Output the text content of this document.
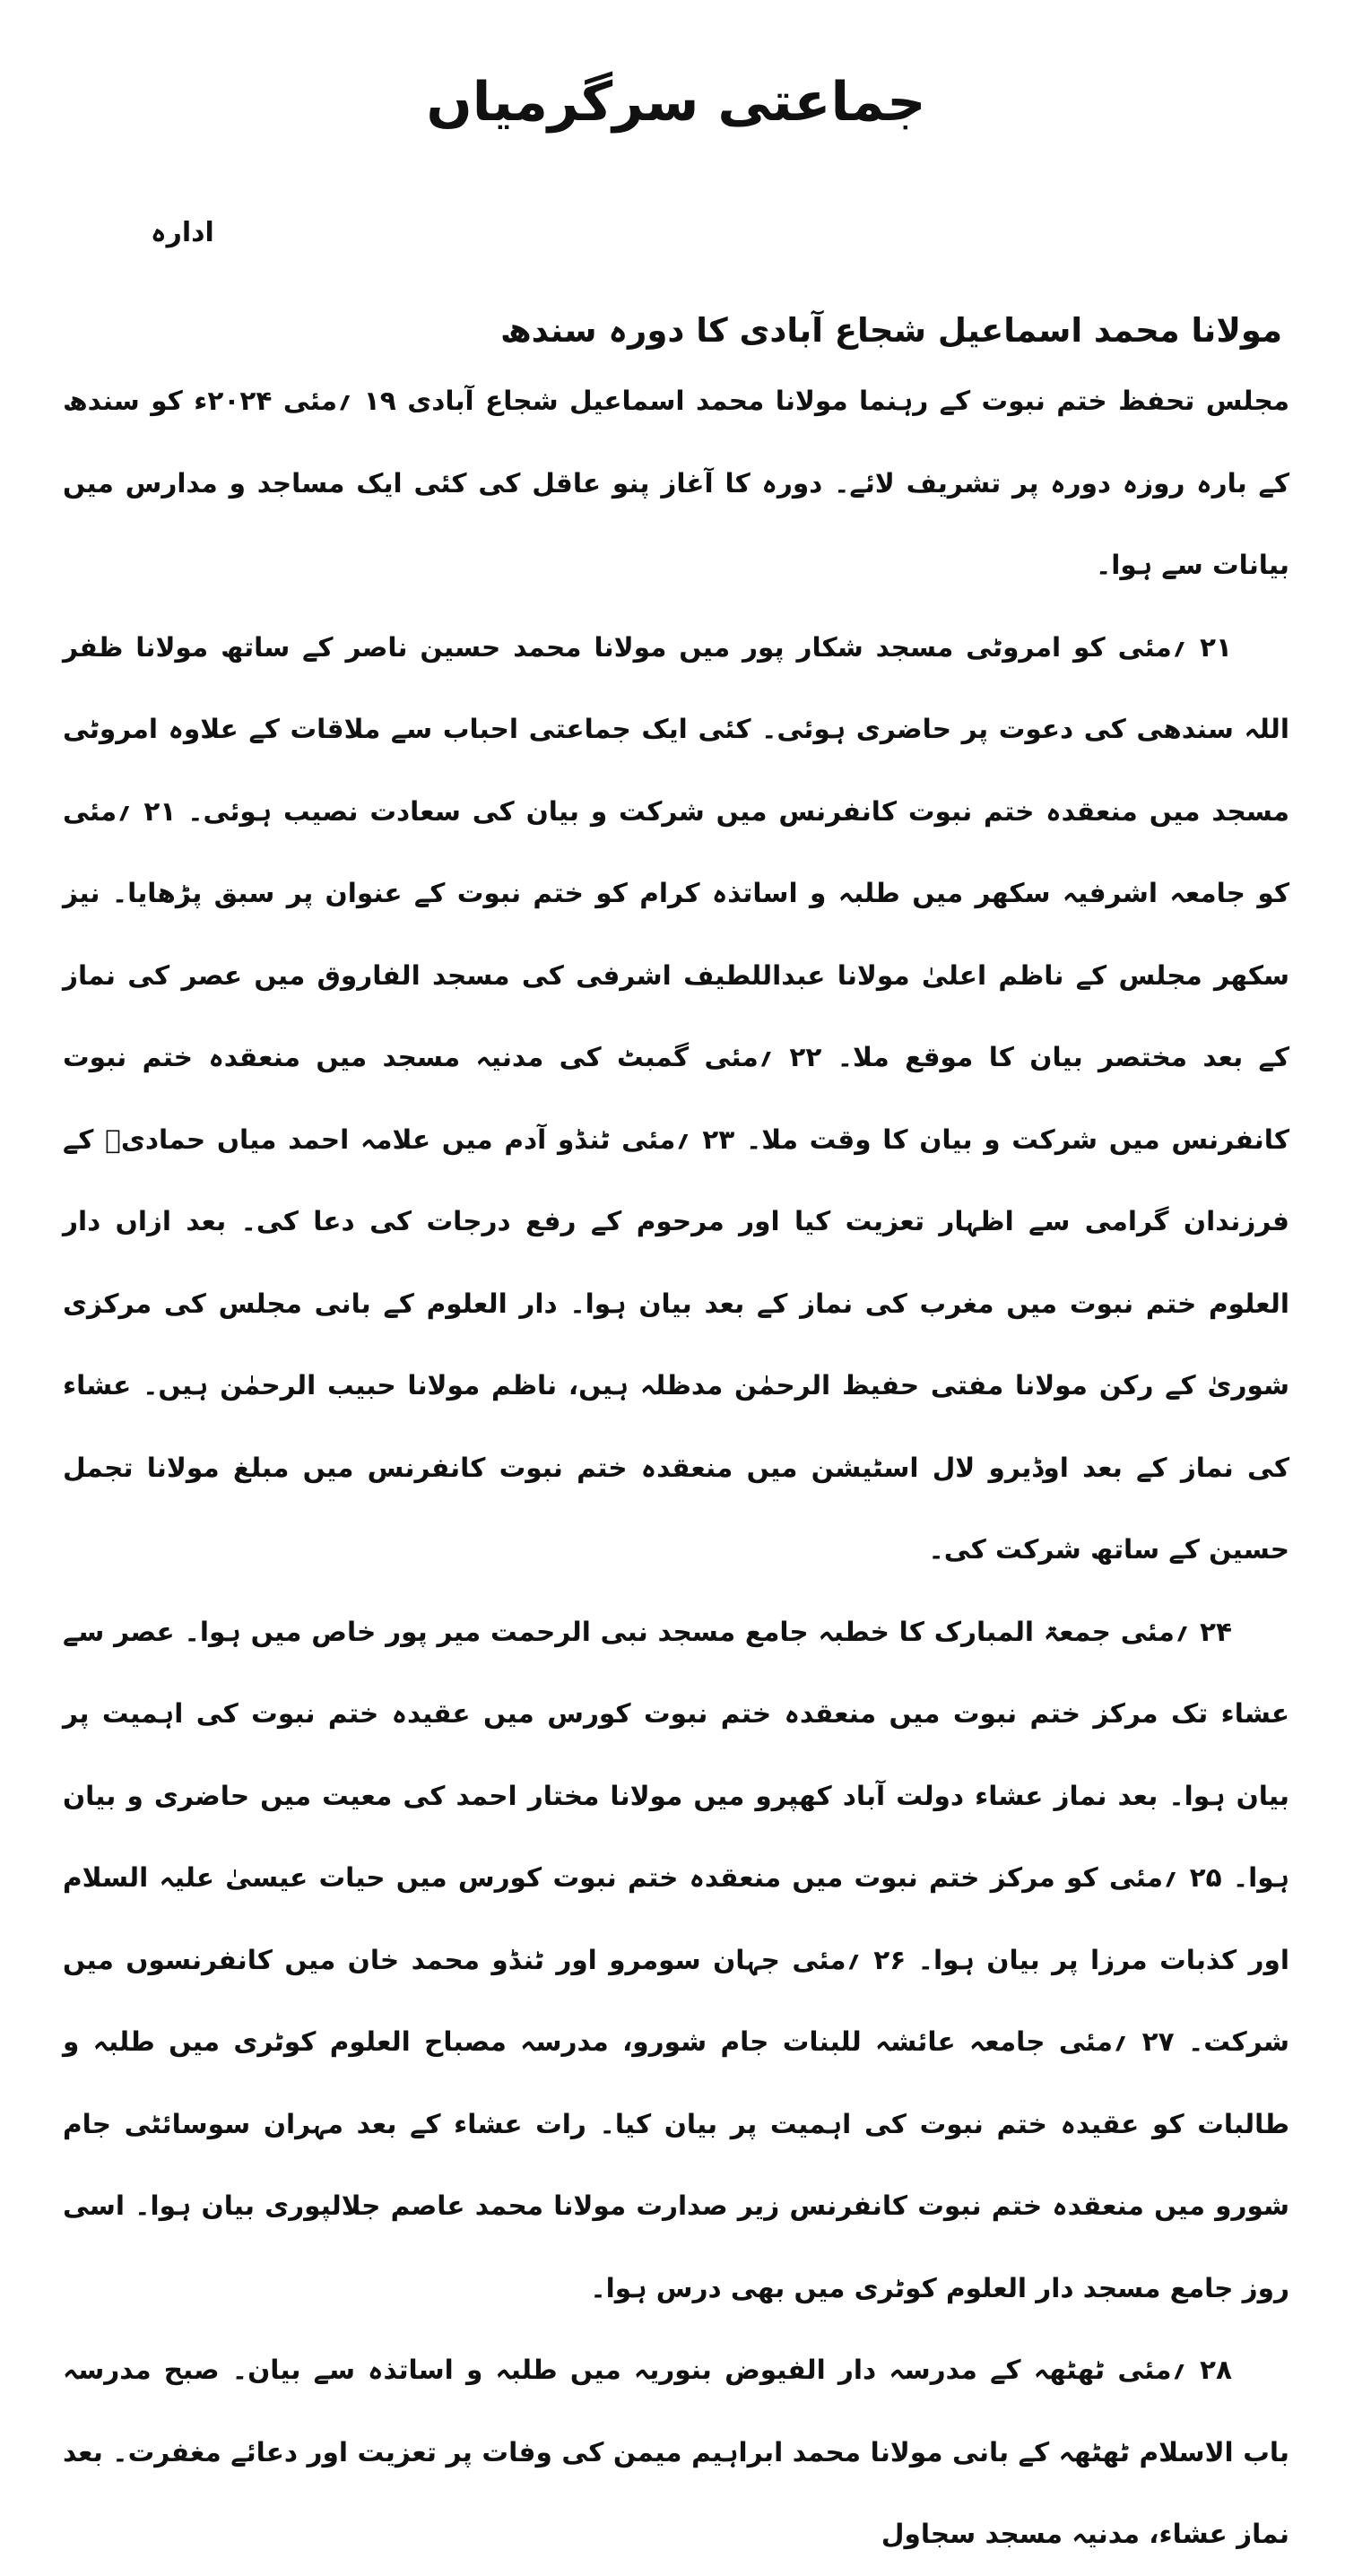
جماعتی سرگرمیاں
ادارہ
مولانا محمد اسماعیل شجاع آبادی کا دورہ سندھ

مجلس تحفظ ختم نبوت کے رہنما مولانا محمد اسماعیل شجاع آبادی ۱۹ ؍مئی ۲۰۲۴ء کو سندھ کے بارہ روزہ دورہ پر تشریف لائے۔ دورہ کا آغاز پنو عاقل کی کئی ایک مساجد و مدارس میں بیانات سے ہوا۔

۲۱ ؍مئی کو امروٹی مسجد شکار پور میں مولانا محمد حسین ناصر کے ساتھ مولانا ظفر اللہ سندھی کی دعوت پر حاضری ہوئی۔ کئی ایک جماعتی احباب سے ملاقات کے علاوہ امروٹی مسجد میں منعقدہ ختم نبوت کانفرنس میں شرکت و بیان کی سعادت نصیب ہوئی۔ ۲۱ ؍مئی کو جامعہ اشرفیہ سکھر میں طلبہ و اساتذہ کرام کو ختم نبوت کے عنوان پر سبق پڑھایا۔ نیز سکھر مجلس کے ناظم اعلیٰ مولانا عبداللطیف اشرفی کی مسجد الفاروق میں عصر کی نماز کے بعد مختصر بیان کا موقع ملا۔ ۲۲ ؍مئی گمبٹ کی مدنیہ مسجد میں منعقدہ ختم نبوت کانفرنس میں شرکت و بیان کا وقت ملا۔ ۲۳ ؍مئی ٹنڈو آدم میں علامہ احمد میاں حمادیؒ کے فرزندان گرامی سے اظہار تعزیت کیا اور مرحوم کے رفع درجات کی دعا کی۔ بعد ازاں دار العلوم ختم نبوت میں مغرب کی نماز کے بعد بیان ہوا۔ دار العلوم کے بانی مجلس کی مرکزی شوریٰ کے رکن مولانا مفتی حفیظ الرحمٰن مدظلہ ہیں، ناظم مولانا حبیب الرحمٰن ہیں۔ عشاء کی نماز کے بعد اوڈیرو لال اسٹیشن میں منعقدہ ختم نبوت کانفرنس میں مبلغ مولانا تجمل حسین کے ساتھ شرکت کی۔

۲۴ ؍مئی جمعۃ المبارک کا خطبہ جامع مسجد نبی الرحمت میر پور خاص میں ہوا۔ عصر سے عشاء تک مرکز ختم نبوت میں منعقدہ ختم نبوت کورس میں عقیدہ ختم نبوت کی اہمیت پر بیان ہوا۔ بعد نماز عشاء دولت آباد کھپرو میں مولانا مختار احمد کی معیت میں حاضری و بیان ہوا۔ ۲۵ ؍مئی کو مرکز ختم نبوت میں منعقدہ ختم نبوت کورس میں حیات عیسیٰ علیہ السلام اور کذبات مرزا پر بیان ہوا۔ ۲۶ ؍مئی جہان سومرو اور ٹنڈو محمد خان میں کانفرنسوں میں شرکت۔ ۲۷ ؍مئی جامعہ عائشہ للبنات جام شورو، مدرسہ مصباح العلوم کوٹری میں طلبہ و طالبات کو عقیدہ ختم نبوت کی اہمیت پر بیان کیا۔ رات عشاء کے بعد مہران سوسائٹی جام شورو میں منعقدہ ختم نبوت کانفرنس زیر صدارت مولانا محمد عاصم جلالپوری بیان ہوا۔ اسی روز جامع مسجد دار العلوم کوٹری میں بھی درس ہوا۔

۲۸ ؍مئی ٹھٹھہ کے مدرسہ دار الفیوض بنوریہ میں طلبہ و اساتذہ سے بیان۔ صبح مدرسہ باب الاسلام ٹھٹھہ کے بانی مولانا محمد ابراہیم میمن کی وفات پر تعزیت اور دعائے مغفرت۔ بعد نماز عشاء، مدنیہ مسجد سجاول
